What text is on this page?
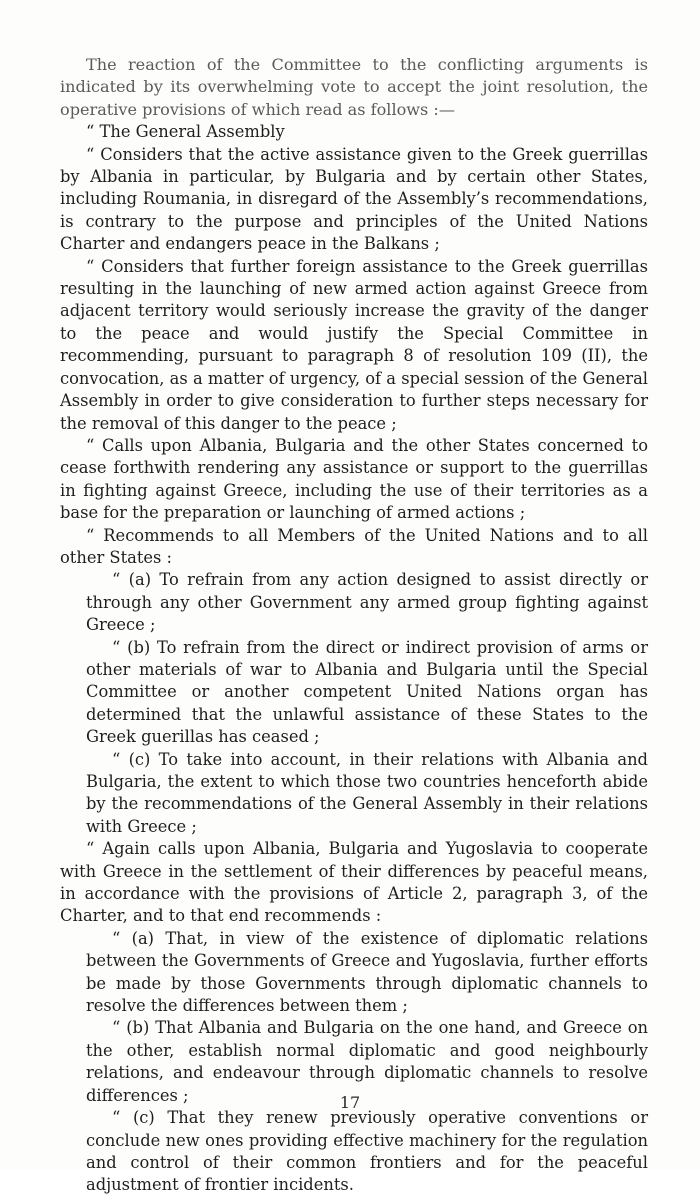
The reaction of the Committee to the conflicting arguments is indicated by its overwhelming vote to accept the joint resolution, the operative provisions of which read as follows :—

“ The General Assembly

“ Considers that the active assistance given to the Greek guerrillas by Albania in particular, by Bulgaria and by certain other States, including Roumania, in disregard of the Assembly’s recommendations, is contrary to the purpose and principles of the United Nations Charter and endangers peace in the Balkans ;

“ Considers that further foreign assistance to the Greek guerrillas resulting in the launching of new armed action against Greece from adjacent territory would seriously increase the gravity of the danger to the peace and would justify the Special Committee in recommending, pursuant to paragraph 8 of resolution 109 (II), the convocation, as a matter of urgency, of a special session of the General Assembly in order to give consideration to further steps necessary for the removal of this danger to the peace ;

“ Calls upon Albania, Bulgaria and the other States concerned to cease forthwith rendering any assistance or support to the guerrillas in fighting against Greece, including the use of their territories as a base for the preparation or launching of armed actions ;

“ Recommends to all Members of the United Nations and to all other States :

“ (a) To refrain from any action designed to assist directly or through any other Government any armed group fighting against Greece ;

“ (b) To refrain from the direct or indirect provision of arms or other materials of war to Albania and Bulgaria until the Special Committee or another competent United Nations organ has determined that the unlawful assistance of these States to the Greek guerillas has ceased ;

“ (c) To take into account, in their relations with Albania and Bulgaria, the extent to which those two countries henceforth abide by the recommendations of the General Assembly in their relations with Greece ;

“ Again calls upon Albania, Bulgaria and Yugoslavia to cooperate with Greece in the settlement of their differences by peaceful means, in accordance with the provisions of Article 2, paragraph 3, of the Charter, and to that end recommends :

“ (a) That, in view of the existence of diplomatic relations between the Governments of Greece and Yugoslavia, further efforts be made by those Governments through diplomatic channels to resolve the differences between them ;

“ (b) That Albania and Bulgaria on the one hand, and Greece on the other, establish normal diplomatic and good neighbourly relations, and endeavour through diplomatic channels to resolve differences ;

“ (c) That they renew previously operative conventions or conclude new ones providing effective machinery for the regulation and control of their common frontiers and for the peaceful adjustment of frontier incidents.

17
